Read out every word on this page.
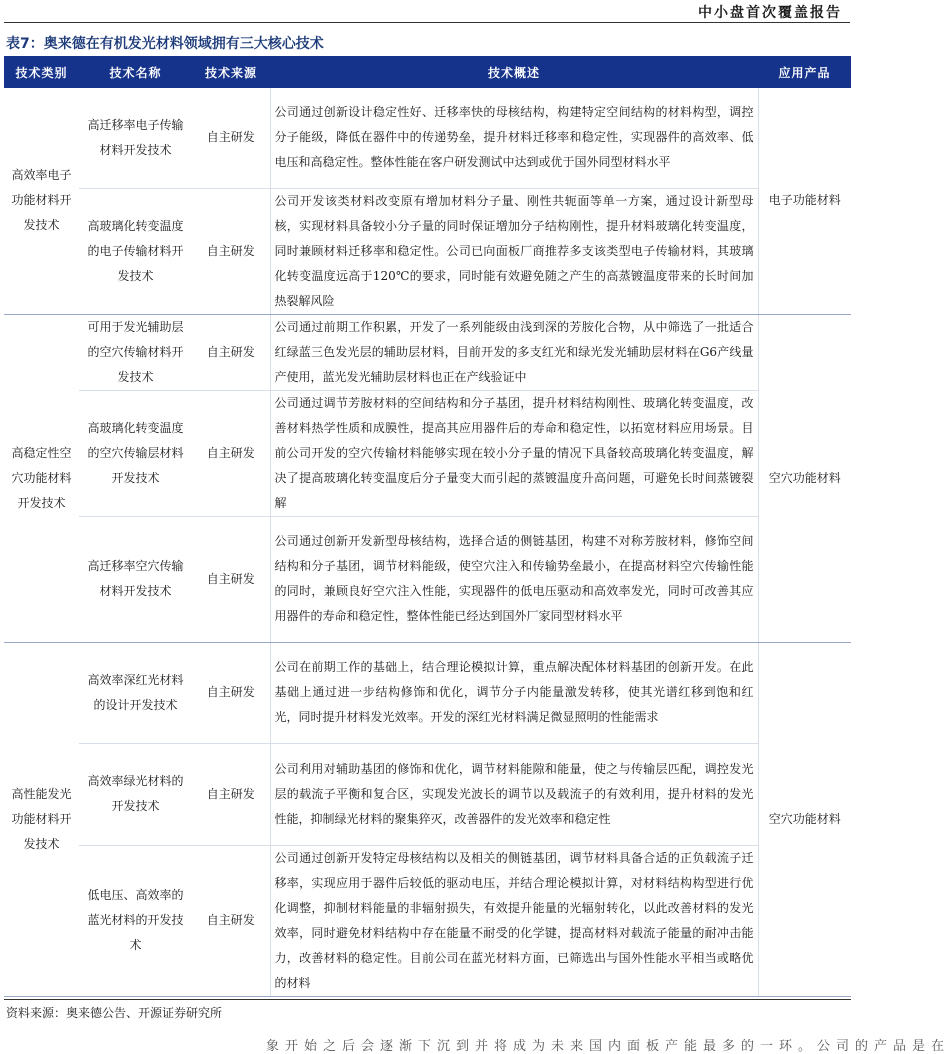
中小盘首次覆盖报告
表7：奥来德在有机发光材料领域拥有三大核心技术
技术类别	技术名称	技术来源	技术概述	应用产品
高效率电子功能材料开发技术	高迁移率电子传输材料开发技术	自主研发	公司通过创新设计稳定性好、迁移率快的母核结构，构建特定空间结构的材料构型，调控分子能级，降低在器件中的传递势垒，提升材料迁移率和稳定性，实现器件的高效率、低电压和高稳定性。整体性能在客户研发测试中达到或优于国外同型材料水平	电子功能材料
	高玻璃化转变温度的电子传输材料开发技术	自主研发	公司开发该类材料改变原有增加材料分子量、刚性共轭面等单一方案，通过设计新型母核，实现材料具备较小分子量的同时保证增加分子结构刚性，提升材料玻璃化转变温度，同时兼顾材料迁移率和稳定性。公司已向面板厂商推荐多支该类型电子传输材料，其玻璃化转变温度远高于120℃的要求，同时能有效避免随之产生的高蒸镀温度带来的长时间加热裂解风险	
高稳定性空穴功能材料开发技术	可用于发光辅助层的空穴传输材料开发技术	自主研发	公司通过前期工作积累，开发了一系列能级由浅到深的芳胺化合物，从中筛选了一批适合红绿蓝三色发光层的辅助层材料，目前开发的多支红光和绿光发光辅助层材料在G6产线量产使用，蓝光发光辅助层材料也正在产线验证中	空穴功能材料
	高玻璃化转变温度的空穴传输层材料开发技术	自主研发	公司通过调节芳胺材料的空间结构和分子基团，提升材料结构刚性、玻璃化转变温度，改善材料热学性质和成膜性，提高其应用器件后的寿命和稳定性，以拓宽材料应用场景。目前公司开发的空穴传输材料能够实现在较小分子量的情况下具备较高玻璃化转变温度，解决了提高玻璃化转变温度后分子量变大而引起的蒸镀温度升高问题，可避免长时间蒸镀裂解	
	高迁移率空穴传输材料开发技术	自主研发	公司通过创新开发新型母核结构，选择合适的侧链基团，构建不对称芳胺材料，修饰空间结构和分子基团，调节材料能级，使空穴注入和传输势垒最小，在提高材料空穴传输性能的同时，兼顾良好空穴注入性能，实现器件的低电压驱动和高效率发光，同时可改善其应用器件的寿命和稳定性，整体性能已经达到国外厂家同型材料水平	
高性能发光功能材料开发技术	高效率深红光材料的设计开发技术	自主研发	公司在前期工作的基础上，结合理论模拟计算，重点解决配体材料基团的创新开发。在此基础上通过进一步结构修饰和优化，调节分子内能量激发转移，使其光谱红移到饱和红光，同时提升材料发光效率。开发的深红光材料满足微显照明的性能需求	空穴功能材料
	高效率绿光材料的开发技术	自主研发	公司利用对辅助基团的修饰和优化，调节材料能隙和能量，使之与传输层匹配，调控发光层的载流子平衡和复合区，实现发光波长的调节以及载流子的有效利用，提升材料的发光性能，抑制绿光材料的聚集猝灭，改善器件的发光效率和稳定性	
	低电压、高效率的蓝光材料的开发技术	自主研发	公司通过创新开发特定母核结构以及相关的侧链基团，调节材料具备合适的正负载流子迁移率，实现应用于器件后较低的驱动电压，并结合理论模拟计算，对材料结构构型进行优化调整，抑制材料能量的非辐射损失，有效提升能量的光辐射转化，以此改善材料的发光效率，同时避免材料结构中存在能量不耐受的化学键，提高材料对载流子能量的耐冲击能力，改善材料的稳定性。目前公司在蓝光材料方面，已筛选出与国外性能水平相当或略优的材料	
资料来源：奥来德公告、开源证券研究所
象开始之后会逐渐下沉到并将成为未来国内面板产能最多的一环。公司的产品是在
